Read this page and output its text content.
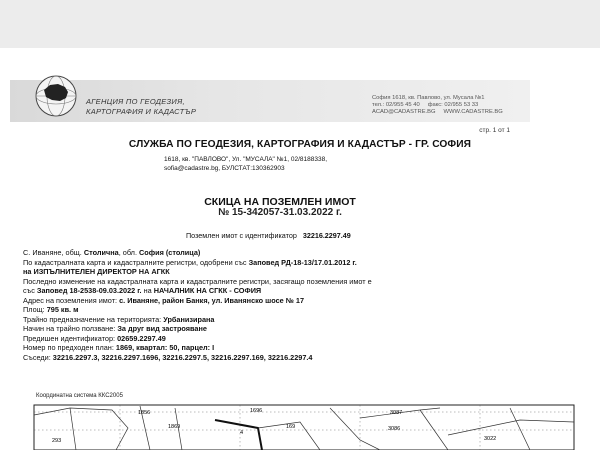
АГЕНЦИЯ ПО ГЕОДЕЗИЯ,
КАРТОГРАФИЯ И КАДАСТЪР
София 1618, кв. Павлово, ул. Мусала №1
тел.: 02/955 45 40 факс: 02/955 53 33
ACAD@CADASTRE.BG WWW.CADASTRE.BG
стр. 1 от 1
СЛУЖБА ПО ГЕОДЕЗИЯ, КАРТОГРАФИЯ И КАДАСТЪР - ГР. СОФИЯ
1618, кв. "ПАВЛОВО", Ул. "МУСАЛА" №1, 02/8188338,
sofia@cadastre.bg, БУЛСТАТ:130362903
СКИЦА НА ПОЗЕМЛЕН ИМОТ
№ 15-342057-31.03.2022 г.
Поземлен имот с идентификатор 32216.2297.49
С. Иваняне, общ. Столична, обл. София (столица)
По кадастралната карта и кадастралните регистри, одобрени със Заповед РД-18-13/17.01.2012 г.
на ИЗПЪЛНИТЕЛЕН ДИРЕКТОР НА АГКК
Последно изменение на кадастралната карта и кадастралните регистри, засягащо поземления имот е
със Заповед 18-2538-09.03.2022 г. на НАЧАЛНИК НА СГКК - СОФИЯ
Адрес на поземления имот: с. Иваняне, район Банкя, ул. Иванянско шосе № 17
Площ: 795 кв. м
Трайно предназначение на територията: Урбанизирана
Начин на трайно ползване: За друг вид застрояване
Предишен идентификатор: 02659.2297.49
Номер по предходен план: 1869, квартал: 50, парцел: I
Съседи: 32216.2297.3, 32216.2297.1696, 32216.2297.5, 32216.2297.169, 32216.2297.4
Координатна система ККС2005
1856
1869
3087
293
4
169	3086
3022
1696
